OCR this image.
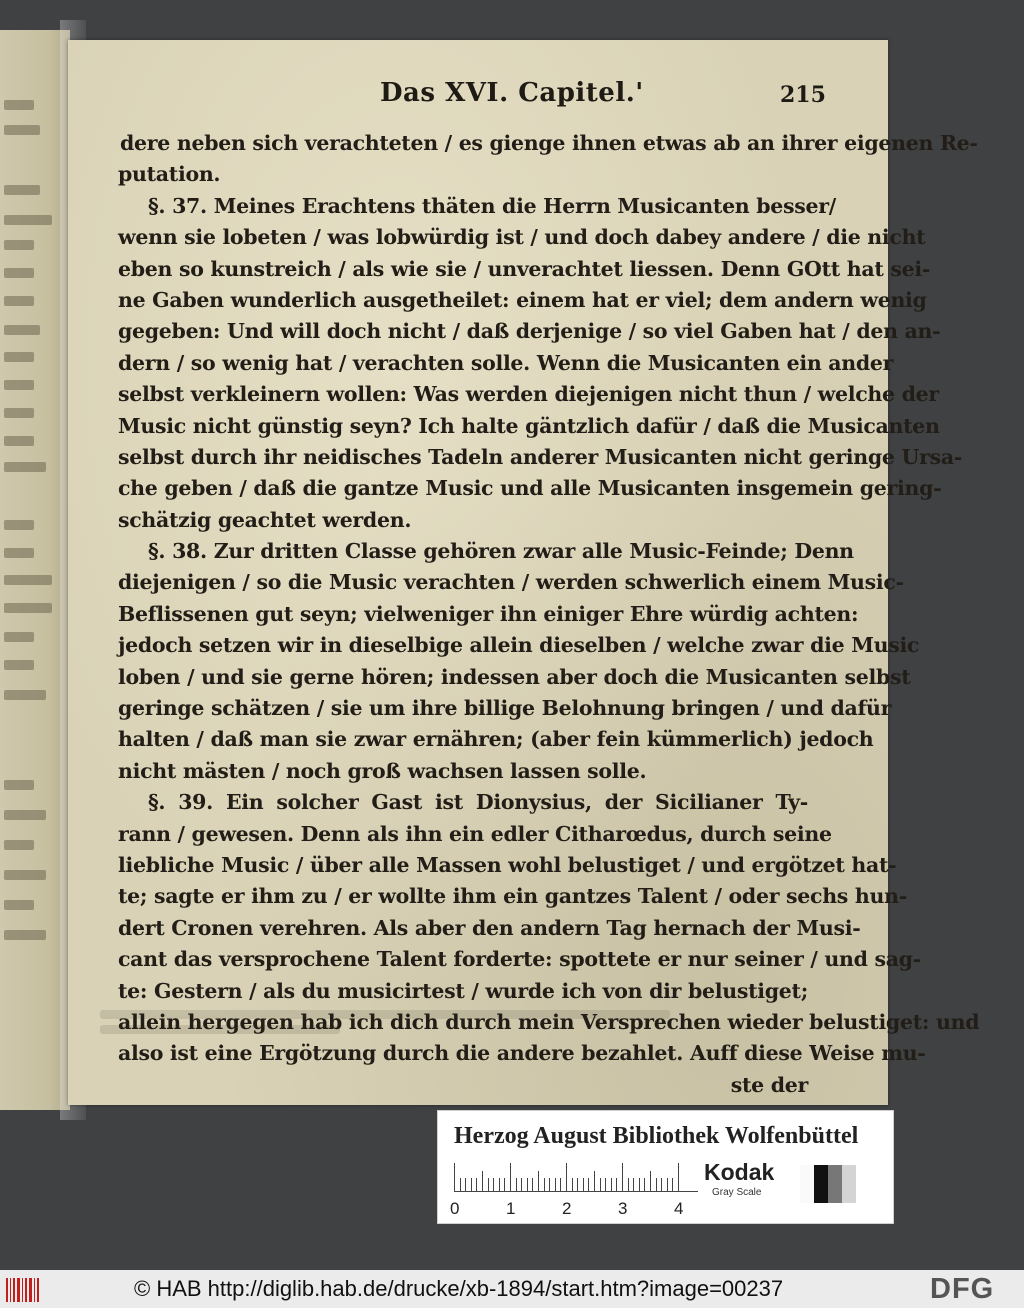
Das XVI. Capitel.'	215
dere neben sich verachteten / es gienge ihnen etwas ab an ihrer eigenen Re-
putation.
§. 37. Meines Erachtens thäten die Herrn Musicanten besser/
wenn sie lobeten / was lobwürdig ist / und doch dabey andere / die nicht
eben so kunstreich / als wie sie / unverachtet liessen. Denn GOtt hat sei-
ne Gaben wunderlich ausgetheilet: einem hat er viel; dem andern wenig
gegeben: Und will doch nicht / daß derjenige / so viel Gaben hat / den an-
dern / so wenig hat / verachten solle. Wenn die Musicanten ein ander
selbst verkleinern wollen: Was werden diejenigen nicht thun / welche der
Music nicht günstig seyn? Ich halte gäntzlich dafür / daß die Musicanten
selbst durch ihr neidisches Tadeln anderer Musicanten nicht geringe Ursa-
che geben / daß die gantze Music und alle Musicanten insgemein gering-
schätzig geachtet werden.
§. 38. Zur dritten Classe gehören zwar alle Music-Feinde; Denn
diejenigen / so die Music verachten / werden schwerlich einem Music-
Beflissenen gut seyn; vielweniger ihn einiger Ehre würdig achten:
jedoch setzen wir in dieselbige allein dieselben / welche zwar die Music
loben / und sie gerne hören; indessen aber doch die Musicanten selbst
geringe schätzen / sie um ihre billige Belohnung bringen / und dafür
halten / daß man sie zwar ernähren; (aber fein kümmerlich) jedoch
nicht mästen / noch groß wachsen lassen solle.
§. 39. Ein solcher Gast ist Dionysius, der Sicilianer Ty-
rann / gewesen. Denn als ihn ein edler Citharœdus, durch seine
liebliche Music / über alle Massen wohl belustiget / und ergötzet hat-
te; sagte er ihm zu / er wollte ihm ein gantzes Talent / oder sechs hun-
dert Cronen verehren. Als aber den andern Tag hernach der Musi-
cant das versprochene Talent forderte: spottete er nur seiner / und sag-
te: Gestern / als du musicirtest / wurde ich von dir belustiget;
allein hergegen hab ich dich durch mein Versprechen wieder belustiget: und
also ist eine Ergötzung durch die andere bezahlet. Auff diese Weise mu-
ste der
Herzog August Bibliothek Wolfenbüttel
0	1	2	3	4
Kodak
Gray Scale
© HAB http://diglib.hab.de/drucke/xb-1894/start.htm?image=00237	DFG
